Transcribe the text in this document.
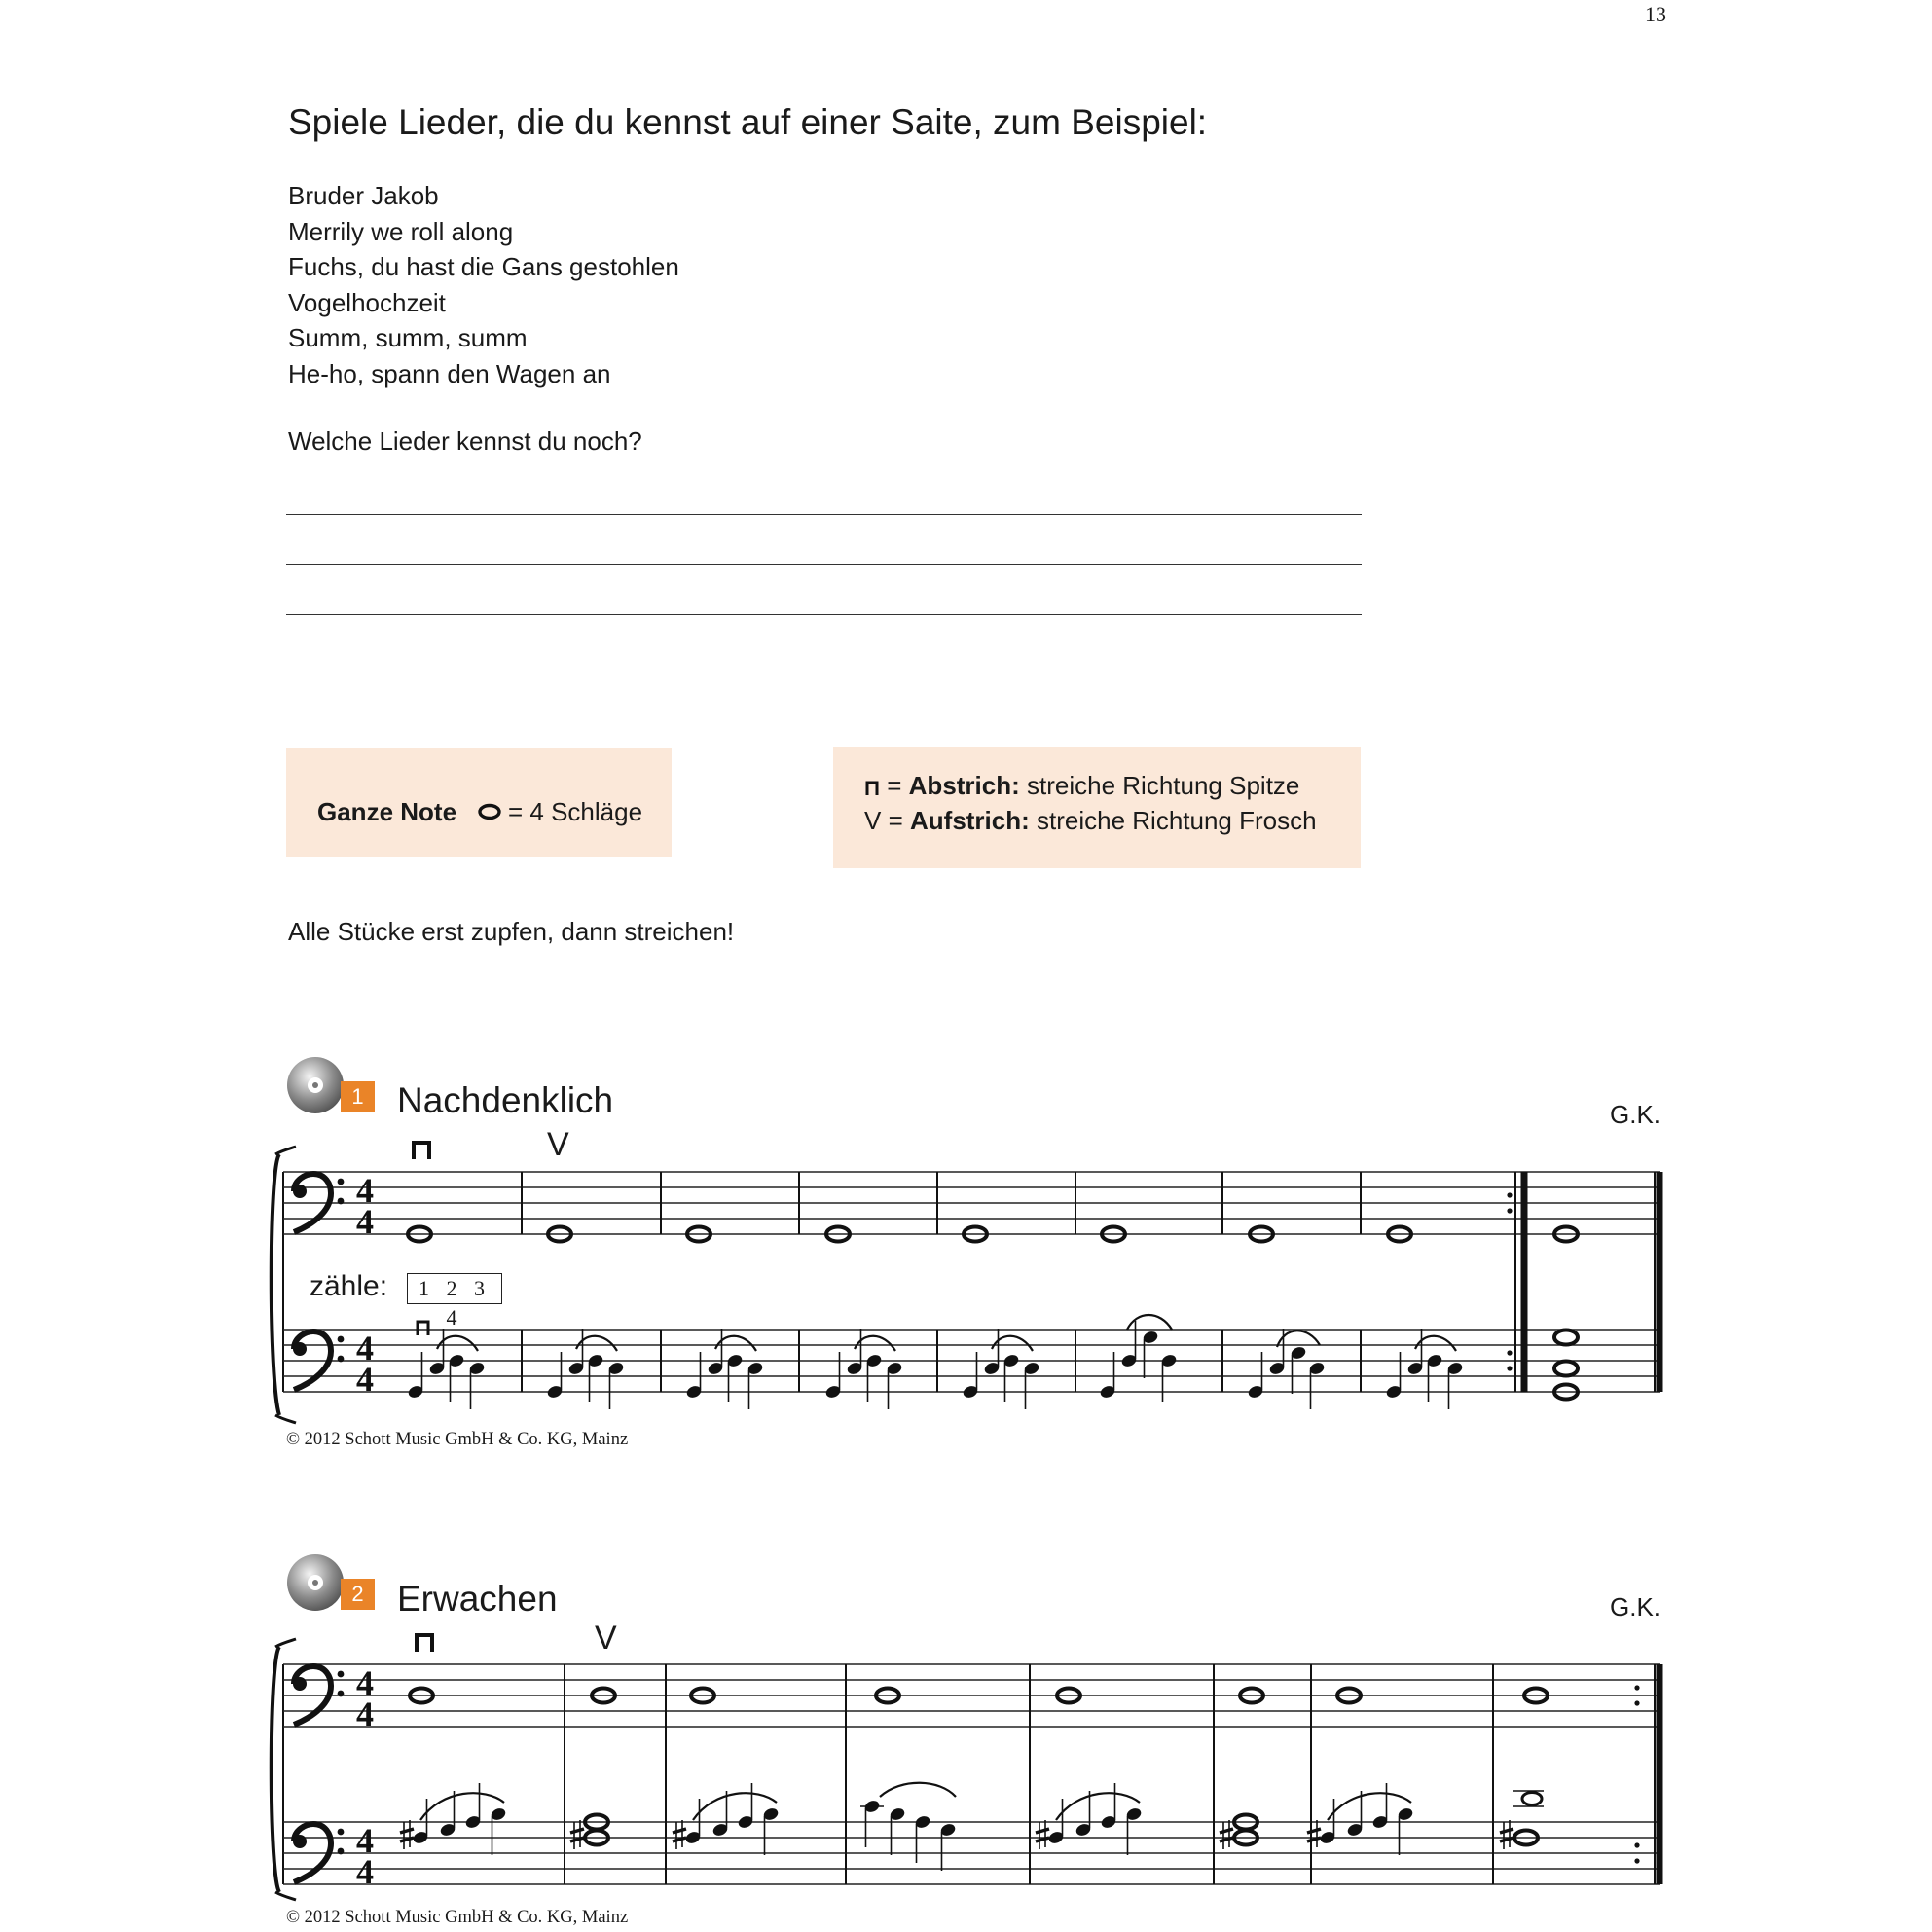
13
Spiele Lieder, die du kennst auf einer Saite, zum Beispiel:
Bruder Jakob
Merrily we roll along
Fuchs, du hast die Gans gestohlen
Vogelhochzeit
Summ, summ, summ
He-ho, spann den Wagen an
Welche Lieder kennst du noch?
Ganze Note = 4 Schläge
= Abstrich: streiche Richtung Spitze
V = Aufstrich: streiche Richtung Frosch
Alle Stücke erst zupfen, dann streichen!
1 Nachdenklich	G.K.
V
zähle:	1 2 3 4
© 2012 Schott Music GmbH & Co. KG, Mainz
2 Erwachen	G.K.
V
© 2012 Schott Music GmbH & Co. KG, Mainz
4
4
4
4
4
4
4
4
